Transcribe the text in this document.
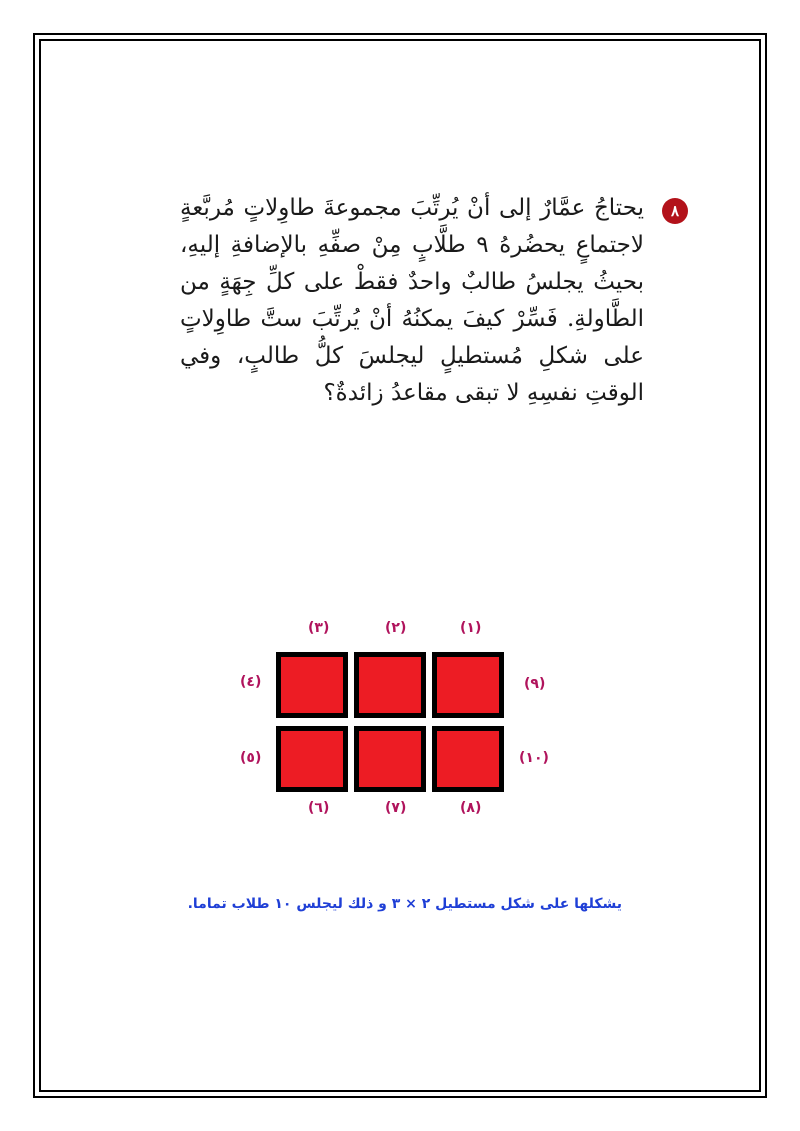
٨
يحتاجُ عمَّارٌ إلى أنْ يُرتِّبَ مجموعةَ طاوِلاتٍ مُربَّعةٍ لاجتماعٍ يحضُرهُ ٩ طلَّابٍ مِنْ صفِّهِ بالإضافةِ إليهِ، بحيثُ يجلسُ طالبٌ واحدٌ فقطْ على كلِّ جِهَةٍ من الطَّاولةِ. فَسِّرْ كيفَ يمكنُهُ أنْ يُرتِّبَ ستَّ طاوِلاتٍ على شكلِ مُستطيلٍ ليجلسَ كلُّ طالبٍ، وفي الوقتِ نفسِهِ لا تبقى مقاعدُ زائدةٌ؟
(٣)	(٢)	(١)
(٤)	(٩)
(٥)	(١٠)
(٦)	(٧)	(٨)
يشكلها على شكل مستطيل ٢ × ٣ و ذلك ليجلس ١٠ طلاب تماما.
